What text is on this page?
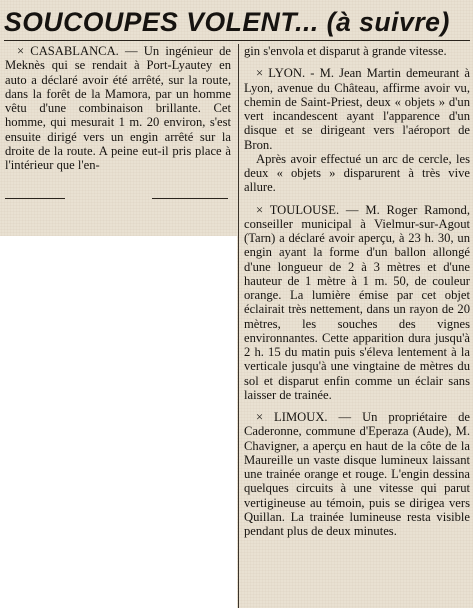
SOUCOUPES VOLENT... (à suivre)

× CASABLANCA. — Un ingénieur de Meknès qui se rendait à Port-Lyautey en auto a déclaré avoir été arrêté, sur la route, dans la forêt de la Mamora, par un homme vêtu d'une combinaison brillante. Cet homme, qui mesurait 1 m. 20 environ, s'est ensuite dirigé vers un engin arrêté sur la droite de la route. A peine eut-il pris place à l'intérieur que l'en-

gin s'envola et disparut à grande vitesse.

× LYON. - M. Jean Martin demeurant à Lyon, avenue du Château, affirme avoir vu, chemin de Saint-Priest, deux « objets » d'un vert incandescent ayant l'apparence d'un disque et se dirigeant vers l'aéroport de Bron.

Après avoir effectué un arc de cercle, les deux « objets » disparurent à très vive allure.

× TOULOUSE. — M. Roger Ramond, conseiller municipal à Vielmur-sur-Agout (Tarn) a déclaré avoir aperçu, à 23 h. 30, un engin ayant la forme d'un ballon allongé d'une longueur de 2 à 3 mètres et d'une hauteur de 1 mètre à 1 m. 50, de couleur orange. La lumière émise par cet objet éclairait très nettement, dans un rayon de 20 mètres, les souches des vignes environnantes. Cette apparition dura jusqu'à 2 h. 15 du matin puis s'éleva lentement à la verticale jusqu'à une vingtaine de mètres du sol et disparut enfin comme un éclair sans laisser de trainée.

× LIMOUX. — Un propriétaire de Caderonne, commune d'Eperaza (Aude), M. Chavigner, a aperçu en haut de la côte de la Maureille un vaste disque lumineux laissant une trainée orange et rouge. L'engin dessina quelques circuits à une vitesse qui parut vertigineuse au témoin, puis se dirigea vers Quillan. La trainée lumineuse resta visible pendant plus de deux minutes.
